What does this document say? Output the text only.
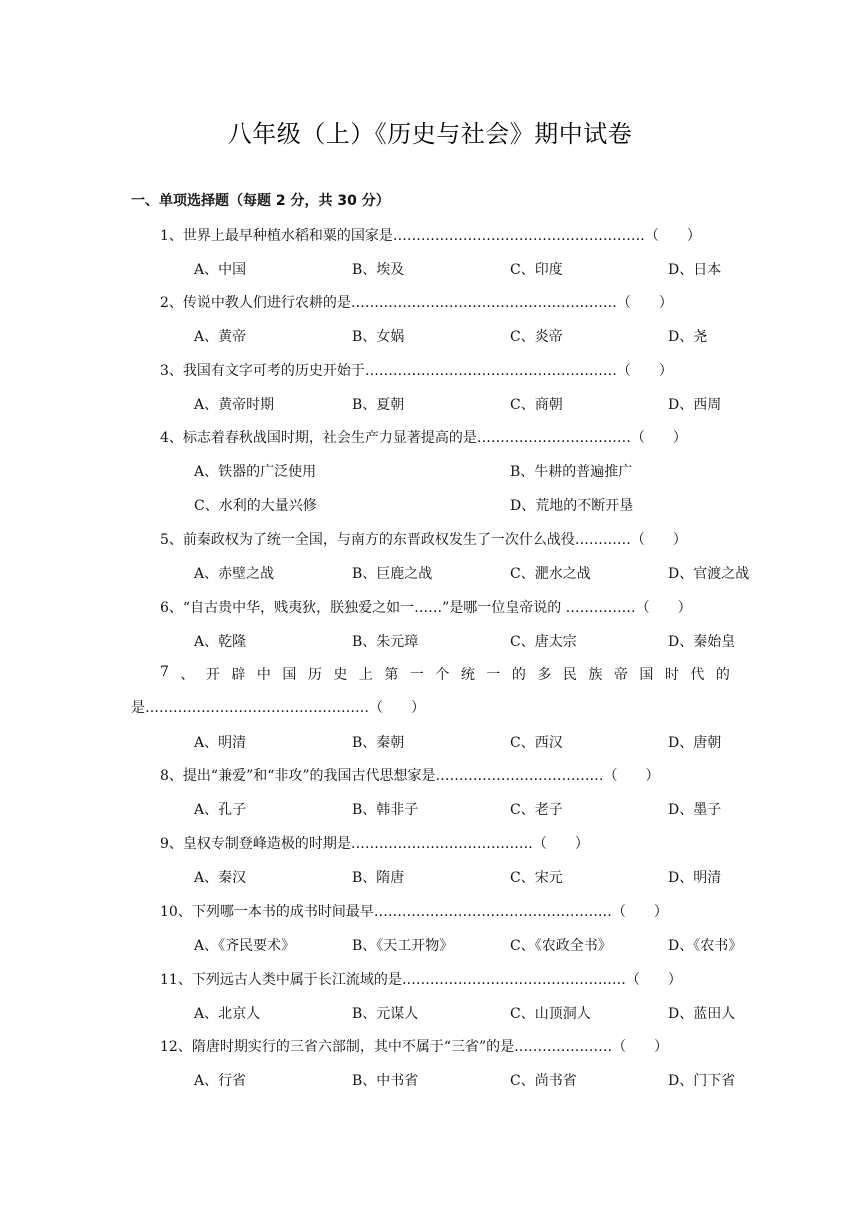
八年级（上）《历史与社会》期中试卷
一、单项选择题（每题 2 分，共 30 分）
1、世界上最早种植水稻和粟的国家是………………………………………………（　　）
A、中国	B、埃及	C、印度	D、日本
2、传说中教人们进行农耕的是…………………………………………………（　　）
A、黄帝	B、女娲	C、炎帝	D、尧
3、我国有文字可考的历史开始于………………………………………………（　　）
A、黄帝时期	B、夏朝	C、商朝	D、西周
4、标志着春秋战国时期，社会生产力显著提高的是……………………………（　　）
A、铁器的广泛使用	B、牛耕的普遍推广
C、水利的大量兴修	D、荒地的不断开垦
5、前秦政权为了统一全国，与南方的东晋政权发生了一次什么战役…………（　　）
A、赤壁之战	B、巨鹿之战	C、淝水之战	D、官渡之战
6、“自古贵中华，贱夷狄，朕独爱之如一……”是哪一位皇帝说的 ……………（　　）
A、乾隆	B、朱元璋	C、唐太宗	D、秦始皇
7 、 开 辟 中 国 历 史 上 第 一 个 统 一 的 多 民 族 帝 国 时 代 的
是…………………………………………（　　）
A、明清	B、秦朝	C、西汉	D、唐朝
8、提出“兼爱”和“非攻”的我国古代思想家是………………………………（　　）
A、孔子	B、韩非子	C、老子	D、墨子
9、皇权专制登峰造极的时期是…………………………………（　　）
A、秦汉	B、隋唐	C、宋元	D、明清
10、下列哪一本书的成书时间最早……………………………………………（　　）
A、《齐民要术》	B、《天工开物》	C、《农政全书》	D、《农书》
11、下列远古人类中属于长江流域的是…………………………………………（　　）
A、北京人	B、元谋人	C、山顶洞人	D、蓝田人
12、隋唐时期实行的三省六部制，其中不属于“三省”的是…………………（　　）
A、行省	B、中书省	C、尚书省	D、门下省
